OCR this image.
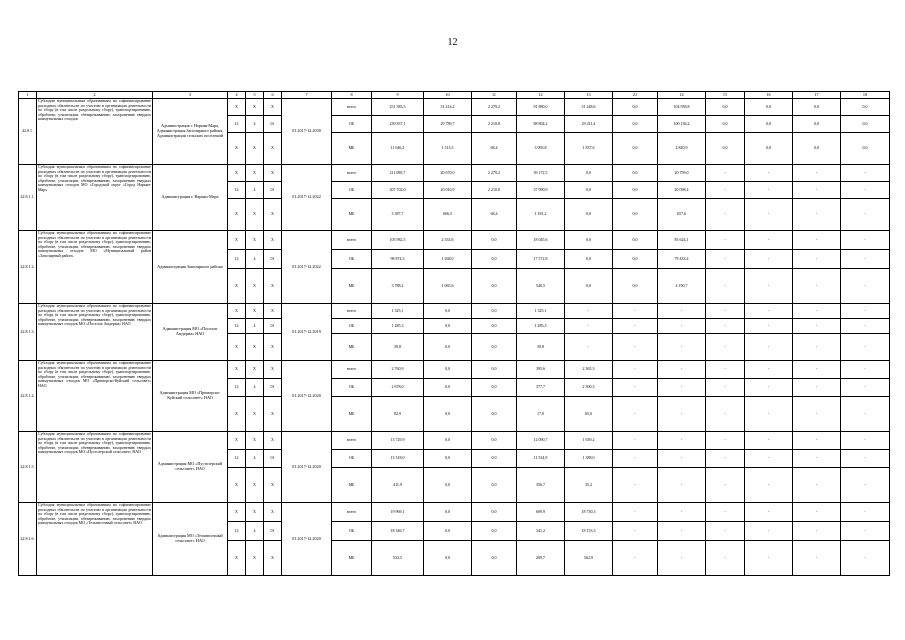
12
1	2	3	4	5	6	7	8	9	10	11	12	13	21	14	15	16	17	18
42.8.1.	Субсидии муниципальным образованиям на софинансирование расходных обязательств по участию в организации деятельности по сбору (в том числе раздельному сбору), транспортированию, обработке, утилизации, обезвреживанию, захоронению твердых коммунальных отходов	Администрация г. Нарьян-Мара, Администрация Заполярного района, Администрации сельских поселений	X	X	X	01.2017-12.2030	всего	251 383,5	31 214,2	2 279,2	91 880,0	31 248,6	0,0	104 958,8	0,0	0,0	0,0	0,0
			12	4	01		ОБ	239 837,1	29 789,7	2 210,8	88 804,2	29 411,4	0,0	100 136,2	0,0	0,0	0,0	0,0
			X	X	X		МБ	11 646,2	1 513,5	68,4	3 095,8	1 837,6	0,0	4 820,9	0,0	0,0	0,0	0,0
42.8.1.1.	Субсидия муниципальным образованиям на софинансирование расходных обязательств по участию в организации деятельности по сбору (в том числе раздельному сбору), транспортированию, обработке, утилизации, обезвреживанию, захоронению твердых коммунальных отходов МО «Городской округ «Город Нарьян-Мар»	Администрация г. Нарьян-Мара	X	X	X	01.2017-12.2022	всего	211 089,7	20 670,0	2 279,2	39 172,5	0,0	0,0	20 759,0	-	-	-	-
			12	4	01		ОБ	207 702,0	20 016,9	2 210,8	37 990,9	0,0	0,0	20 098,4	-	-	-	-
			X	X	X		МБ	3 387,7	606,5	68,4	1 181,2	0,0	0,0	657,6	-	-	-	-
42.8.1.2.	Субсидия муниципальным образованиям на софинансирование расходных обязательств по участию в организации деятельности по сбору (в том числе раздельному сбору), транспортированию, обработке, утилизации, обезвреживанию, захоронению твердых коммунальных отходов МО «Муниципальный район «Заполярный район»	Администрация Заполярного района	X	X	X	01.2017-12.2022	всего	105 982,5	2 333,6	0,0	18 045,6	0,0	0,0	83 624,1	-	-	-	-
			12	4	01		ОБ	98 874,3	1 268,0	0,0	17 572,8	0,0	0,0	79 433,4	-	-	-	-
			X	X	X		МБ	3 788,2	1 065,6	0,0	540,5	0,0	0,0	4 190,7	-	-	-	-
42.8.1.3.	Субсидия муниципальным образованиям на софинансирование расходных обязательств по участию в организации деятельности по сбору (в том числе раздельному сбору), транспортированию, обработке, утилизации, обезвреживанию, захоронению твердых коммунальных отходов МО «Поселок Амдерма» НАО	Администрация МО «Поселок Амдерма» НАО	X	X	X	01.2017-12.2019	всего	1 325,1	0,0	0,0	1 325,1	-	-	-	-	-	-	-
			12	4	01		ОБ	1 285,3	0,0	0,0	1 285,3	-	-	-	-	-	-	-
			X	X	X		МБ	39,8	0,0	0,0	39,8	-	-	-	-	-	-	-
42.8.1.4.	Субсидия муниципальным образованиям на софинансирование расходных обязательств по участию в организации деятельности по сбору (в том числе раздельному сбору), транспортированию, обработке, утилизации, обезвреживанию, захоронению твердых коммунальных отходов МО «Приморско-Куйский сельсовет» НАО	Администрация МО «Приморско-Куйский сельсовет» НАО	X	X	X	01.2017-12.2020	всего	2 760,9	0,0	0,0	395,6	2 365,3	-	-	-	-	-	-
			12	4	01		ОБ	2 678,0	0,0	0,0	377,7	2 300,3	-	-	-	-	-	-
			X	X	X		МБ	82,9	0,0	0,0	17,9	65,0	-	-	-	-	-	-
42.8.1.5.	Субсидия муниципальным образованиям на софинансирование расходных обязательств по участию в организации деятельности по сбору (в том числе раздельному сбору), транспортированию, обработке, утилизации, обезвреживанию, захоронению твердых коммунальных отходов МО «Пустозерский сельсовет» НАО	Администрация МО «Пустозерский сельсовет» НАО	X	X	X	01.2017-12.2020	всего	13 729,9	0,0	0,0	12 090,7	1 639,2	-	-	-	-	-	-
			12	4	01		ОБ	13 318,0	0,0	0,0	11 534,9	1 388,0	-	-	-	-	-	-
			X	X	X		МБ	411,9	0,0	0,0	356,7	35,2	-	-	-	-	-	-
42.8.1.6.	Субсидия муниципальным образованиям на софинансирование расходных обязательств по участию в организации деятельности по сбору (в том числе раздельному сбору), транспортированию, обработке, утилизации, обезвреживанию, захоронению твердых коммунальных отходов МО «Тельвисочный сельсовет» НАО	Администрация МО «Тельвисочный сельсовет» НАО	X	X	X	01.2017-12.2020	всего	19 969,1	0,0	0,0	609,9	18 730,3	-	-	-	-	-	-
			12	4	01		ОБ	18 346,7	0,0	0,0	341,2	18 153,3	-	-	-	-	-	-
			X	X	X		МБ	532,5	0,0	0,0	269,7	562,9	-	-	-	-	-	-
